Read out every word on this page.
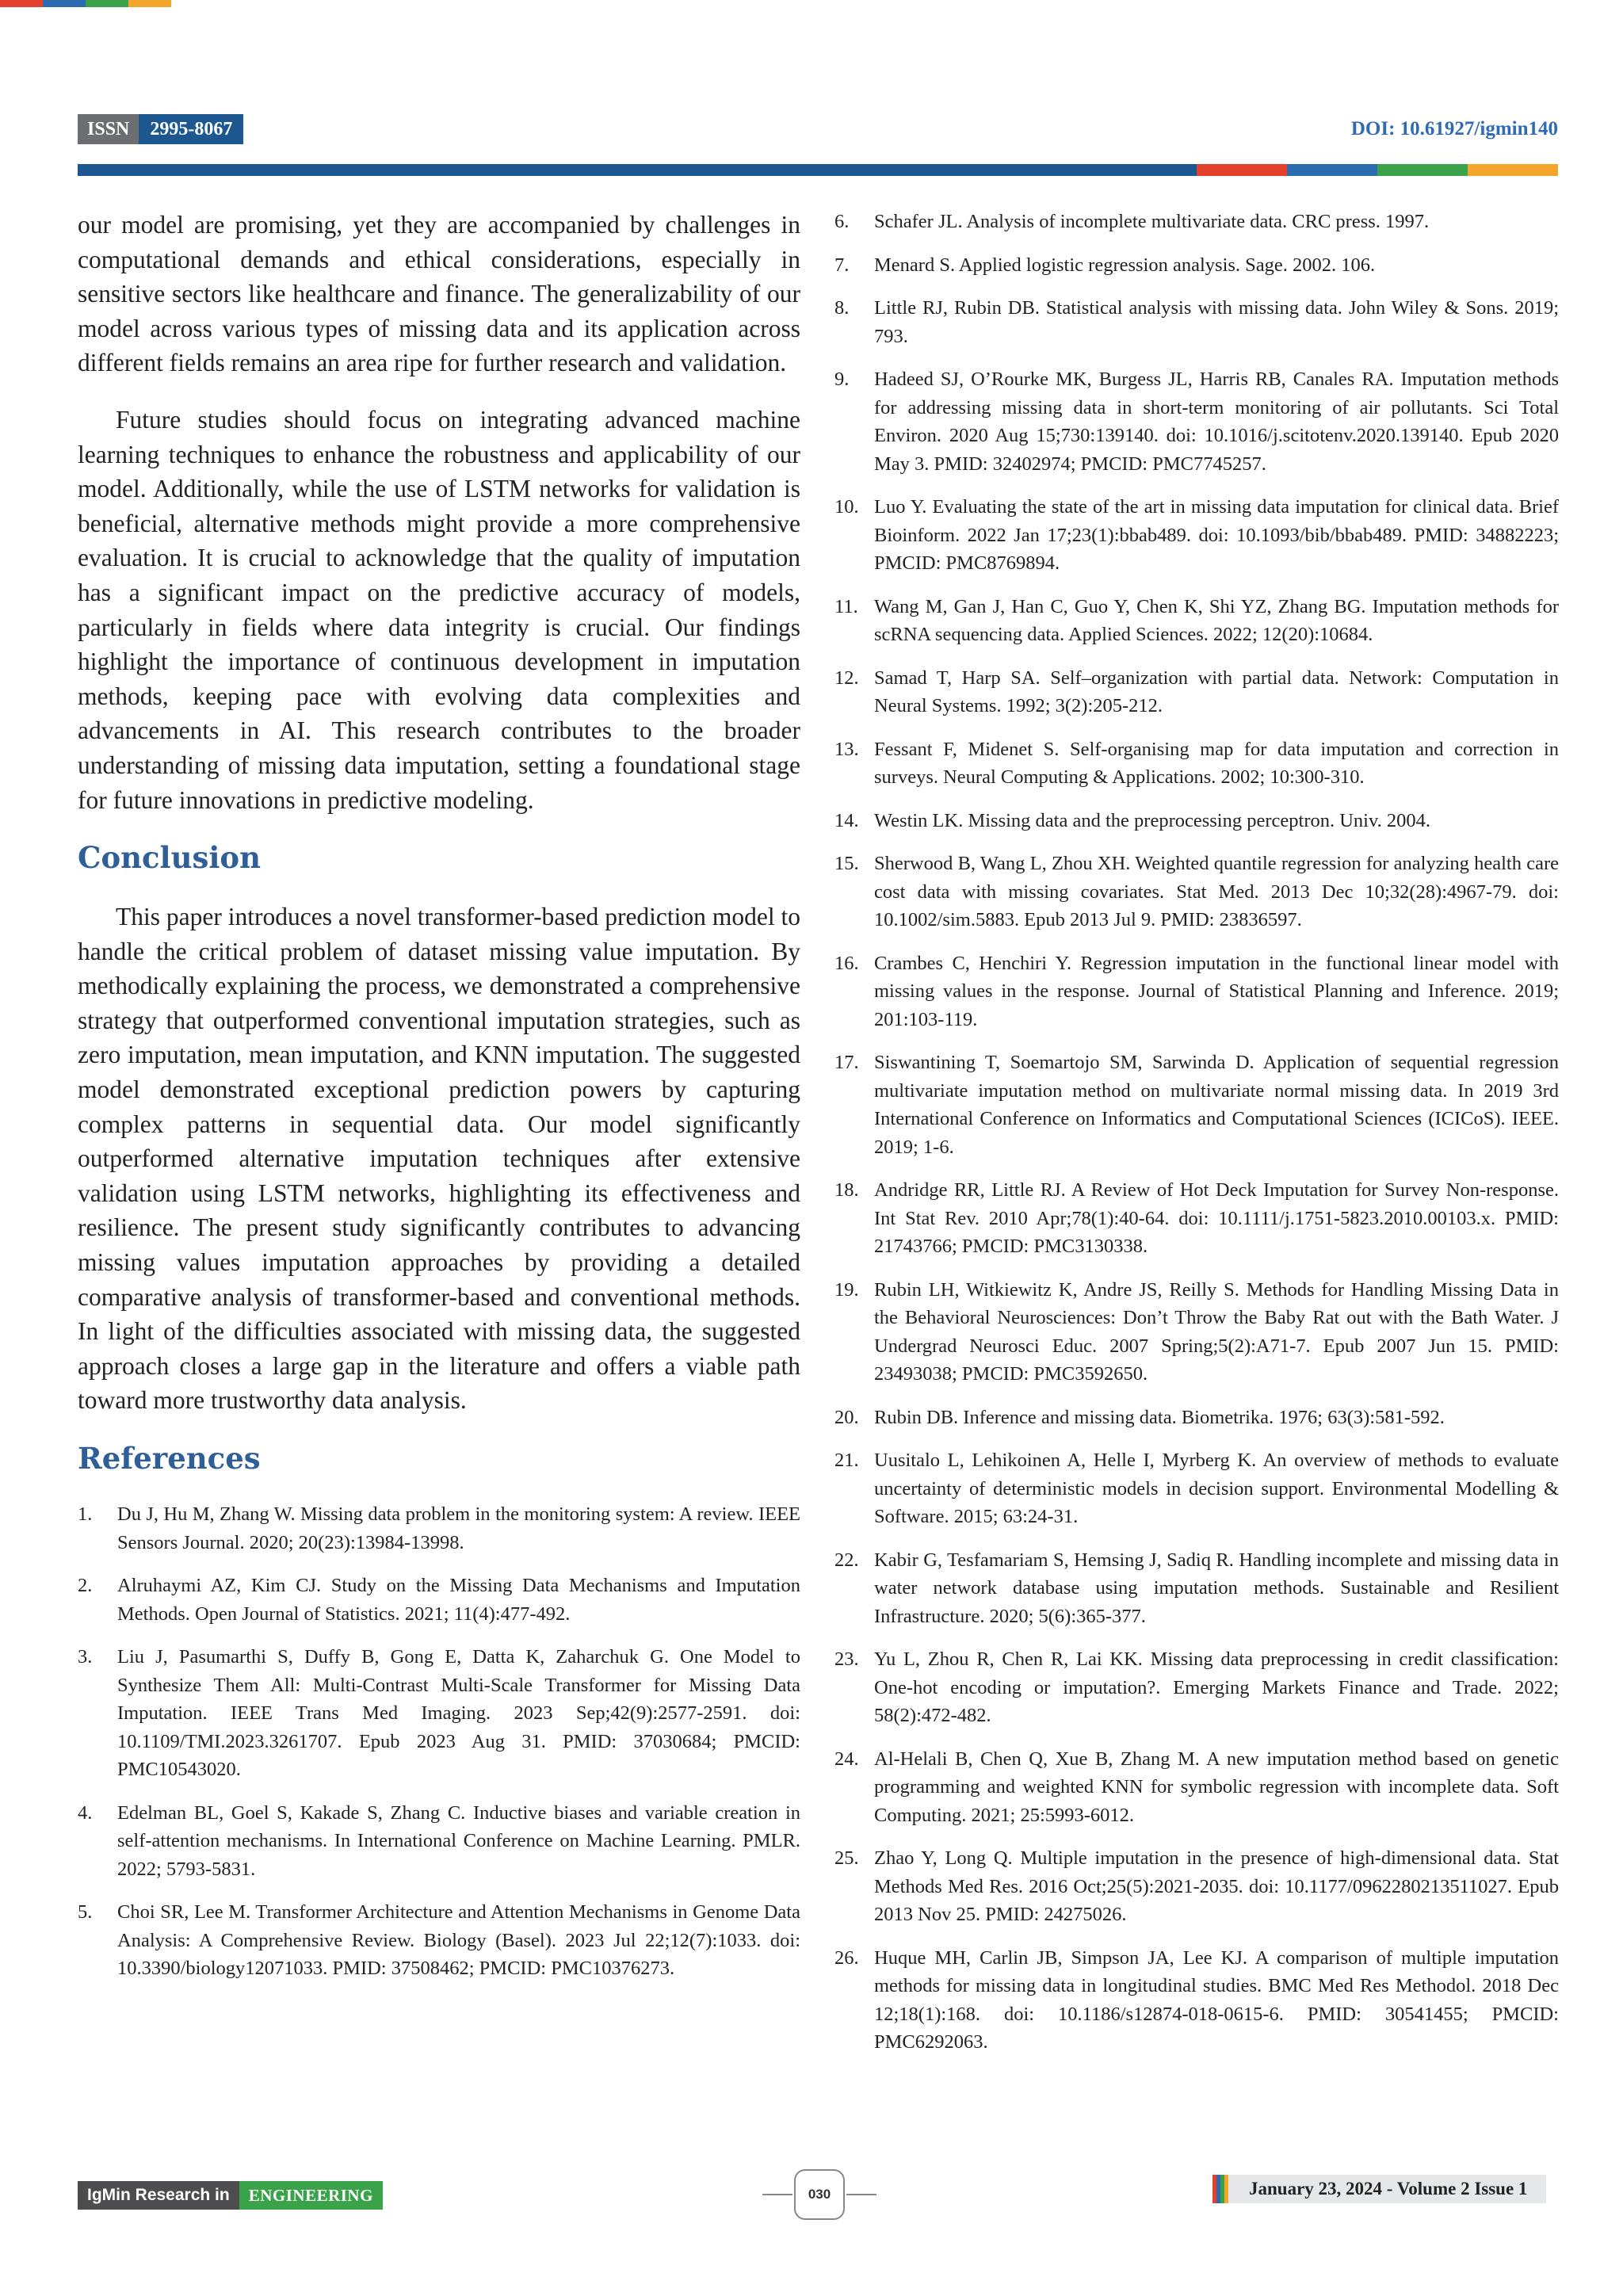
ISSN	2995-8067	DOI: 10.61927/igmin140

our model are promising, yet they are accompanied by challenges in computational demands and ethical considerations, especially in sensitive sectors like healthcare and finance. The generalizability of our model across various types of missing data and its application across different fields remains an area ripe for further research and validation.

Future studies should focus on integrating advanced machine learning techniques to enhance the robustness and applicability of our model. Additionally, while the use of LSTM networks for validation is beneficial, alternative methods might provide a more comprehensive evaluation. It is crucial to acknowledge that the quality of imputation has a significant impact on the predictive accuracy of models, particularly in fields where data integrity is crucial. Our findings highlight the importance of continuous development in imputation methods, keeping pace with evolving data complexities and advancements in AI. This research contributes to the broader understanding of missing data imputation, setting a foundational stage for future innovations in predictive modeling.

Conclusion

This paper introduces a novel transformer-based prediction model to handle the critical problem of dataset missing value imputation. By methodically explaining the process, we demonstrated a comprehensive strategy that outperformed conventional imputation strategies, such as zero imputation, mean imputation, and KNN imputation. The suggested model demonstrated exceptional prediction powers by capturing complex patterns in sequential data. Our model significantly outperformed alternative imputation techniques after extensive validation using LSTM networks, highlighting its effectiveness and resilience. The present study significantly contributes to advancing missing values imputation approaches by providing a detailed comparative analysis of transformer-based and conventional methods. In light of the difficulties associated with missing data, the suggested approach closes a large gap in the literature and offers a viable path toward more trustworthy data analysis.

References
1.	Du J, Hu M, Zhang W. Missing data problem in the monitoring system: A review. IEEE Sensors Journal. 2020; 20(23):13984-13998.
2.	Alruhaymi AZ, Kim CJ. Study on the Missing Data Mechanisms and Imputation Methods. Open Journal of Statistics. 2021; 11(4):477-492.
3.	Liu J, Pasumarthi S, Duffy B, Gong E, Datta K, Zaharchuk G. One Model to Synthesize Them All: Multi-Contrast Multi-Scale Transformer for Missing Data Imputation. IEEE Trans Med Imaging. 2023 Sep;42(9):2577-2591. doi: 10.1109/TMI.2023.3261707. Epub 2023 Aug 31. PMID: 37030684; PMCID: PMC10543020.
4.	Edelman BL, Goel S, Kakade S, Zhang C. Inductive biases and variable creation in self-attention mechanisms. In International Conference on Machine Learning. PMLR. 2022; 5793-5831.
5.	Choi SR, Lee M. Transformer Architecture and Attention Mechanisms in Genome Data Analysis: A Comprehensive Review. Biology (Basel). 2023 Jul 22;12(7):1033. doi: 10.3390/biology12071033. PMID: 37508462; PMCID: PMC10376273.
6.	Schafer JL. Analysis of incomplete multivariate data. CRC press. 1997.
7.	Menard S. Applied logistic regression analysis. Sage. 2002. 106.
8.	Little RJ, Rubin DB. Statistical analysis with missing data. John Wiley & Sons. 2019; 793.
9.	Hadeed SJ, O’Rourke MK, Burgess JL, Harris RB, Canales RA. Imputation methods for addressing missing data in short-term monitoring of air pollutants. Sci Total Environ. 2020 Aug 15;730:139140. doi: 10.1016/j.scitotenv.2020.139140. Epub 2020 May 3. PMID: 32402974; PMCID: PMC7745257.
10. Luo Y. Evaluating the state of the art in missing data imputation for clinical data. Brief Bioinform. 2022 Jan 17;23(1):bbab489. doi: 10.1093/bib/bbab489. PMID: 34882223; PMCID: PMC8769894.
11. Wang M, Gan J, Han C, Guo Y, Chen K, Shi YZ, Zhang BG. Imputation methods for scRNA sequencing data. Applied Sciences. 2022; 12(20):10684.
12. Samad T, Harp SA. Self–organization with partial data. Network: Computation in Neural Systems. 1992; 3(2):205-212.
13. Fessant F, Midenet S. Self-organising map for data imputation and correction in surveys. Neural Computing & Applications. 2002; 10:300-310.
14. Westin LK. Missing data and the preprocessing perceptron. Univ. 2004.
15. Sherwood B, Wang L, Zhou XH. Weighted quantile regression for analyzing health care cost data with missing covariates. Stat Med. 2013 Dec 10;32(28):4967-79. doi: 10.1002/sim.5883. Epub 2013 Jul 9. PMID: 23836597.
16. Crambes C, Henchiri Y. Regression imputation in the functional linear model with missing values in the response. Journal of Statistical Planning and Inference. 2019; 201:103-119.
17. Siswantining T, Soemartojo SM, Sarwinda D. Application of sequential regression multivariate imputation method on multivariate normal missing data. In 2019 3rd International Conference on Informatics and Computational Sciences (ICICoS). IEEE. 2019; 1-6.
18. Andridge RR, Little RJ. A Review of Hot Deck Imputation for Survey Non-response. Int Stat Rev. 2010 Apr;78(1):40-64. doi: 10.1111/j.1751-5823.2010.00103.x. PMID: 21743766; PMCID: PMC3130338.
19. Rubin LH, Witkiewitz K, Andre JS, Reilly S. Methods for Handling Missing Data in the Behavioral Neurosciences: Don’t Throw the Baby Rat out with the Bath Water. J Undergrad Neurosci Educ. 2007 Spring;5(2):A71-7. Epub 2007 Jun 15. PMID: 23493038; PMCID: PMC3592650.
20. Rubin DB. Inference and missing data. Biometrika. 1976; 63(3):581-592.
21. Uusitalo L, Lehikoinen A, Helle I, Myrberg K. An overview of methods to evaluate uncertainty of deterministic models in decision support. Environmental Modelling & Software. 2015; 63:24-31.
22. Kabir G, Tesfamariam S, Hemsing J, Sadiq R. Handling incomplete and missing data in water network database using imputation methods. Sustainable and Resilient Infrastructure. 2020; 5(6):365-377.
23. Yu L, Zhou R, Chen R, Lai KK. Missing data preprocessing in credit classification: One-hot encoding or imputation?. Emerging Markets Finance and Trade. 2022; 58(2):472-482.
24. Al-Helali B, Chen Q, Xue B, Zhang M. A new imputation method based on genetic programming and weighted KNN for symbolic regression with incomplete data. Soft Computing. 2021; 25:5993-6012.
25. Zhao Y, Long Q. Multiple imputation in the presence of high-dimensional data. Stat Methods Med Res. 2016 Oct;25(5):2021-2035. doi: 10.1177/0962280213511027. Epub 2013 Nov 25. PMID: 24275026.
26. Huque MH, Carlin JB, Simpson JA, Lee KJ. A comparison of multiple imputation methods for missing data in longitudinal studies. BMC Med Res Methodol. 2018 Dec 12;18(1):168. doi: 10.1186/s12874-018-0615-6. PMID: 30541455; PMCID: PMC6292063.
IgMin Research in	ENGINEERING	030	January 23, 2024 - Volume 2 Issue 1
